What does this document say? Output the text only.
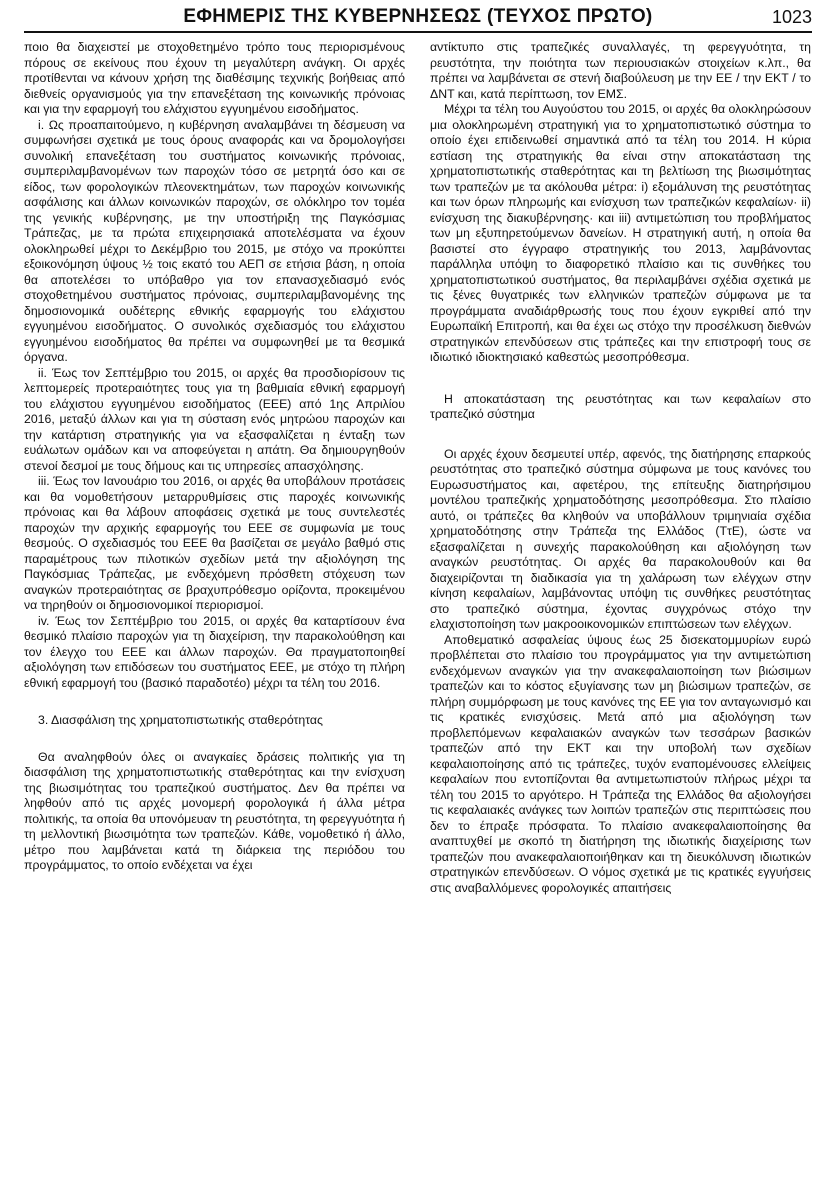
ΕΦΗΜΕΡΙΣ ΤΗΣ ΚΥΒΕΡΝΗΣΕΩΣ (ΤΕΥΧΟΣ ΠΡΩΤΟ)	1023

ποιο θα διαχειστεί με στοχοθετημένο τρόπο τους περιορισμένους πόρους σε εκείνους που έχουν τη μεγαλύτερη ανάγκη. Οι αρχές προτίθενται να κάνουν χρήση της διαθέσιμης τεχνικής βοήθειας από διεθνείς οργανισμούς για την επανεξέταση της κοινωνικής πρόνοιας και για την εφαρμογή του ελάχιστου εγγυημένου εισοδήματος.

i. Ως προαπαιτούμενο, η κυβέρνηση αναλαμβάνει τη δέσμευση να συμφωνήσει σχετικά με τους όρους αναφοράς και να δρομολογήσει συνολική επανεξέταση του συστήματος κοινωνικής πρόνοιας, συμπεριλαμβανομένων των παροχών τόσο σε μετρητά όσο και σε είδος, των φορολογικών πλεονεκτημάτων, των παροχών κοινωνικής ασφάλισης και άλλων κοινωνικών παροχών, σε ολόκληρο τον τομέα της γενικής κυβέρνησης, με την υποστήριξη της Παγκόσμιας Τράπεζας, με τα πρώτα επιχειρησιακά αποτελέσματα να έχουν ολοκληρωθεί μέχρι το Δεκέμβριο του 2015, με στόχο να προκύπτει εξοικονόμηση ύψους ½ τοις εκατό του ΑΕΠ σε ετήσια βάση, η οποία θα αποτελέσει το υπόβαθρο για τον επανασχεδιασμό ενός στοχοθετημένου συστήματος πρόνοιας, συμπεριλαμβανομένης της δημοσιονομικά ουδέτερης εθνικής εφαρμογής του ελάχιστου εγγυημένου εισοδήματος. Ο συνολικός σχεδιασμός του ελάχιστου εγγυημένου εισοδήματος θα πρέπει να συμφωνηθεί με τα θεσμικά όργανα.

ii. Έως τον Σεπτέμβριο του 2015, οι αρχές θα προσδιορίσουν τις λεπτομερείς προτεραιότητες τους για τη βαθμιαία εθνική εφαρμογή του ελάχιστου εγγυημένου εισοδήματος (ΕΕΕ) από 1ης Απριλίου 2016, μεταξύ άλλων και για τη σύσταση ενός μητρώου παροχών και την κατάρτιση στρατηγικής για να εξασφαλίζεται η ένταξη των ευάλωτων ομάδων και να αποφεύγεται η απάτη. Θα δημιουργηθούν στενοί δεσμοί με τους δήμους και τις υπηρεσίες απασχόλησης.

iii. Έως τον Ιανουάριο του 2016, οι αρχές θα υποβάλουν προτάσεις και θα νομοθετήσουν μεταρρυθμίσεις στις παροχές κοινωνικής πρόνοιας και θα λάβουν αποφάσεις σχετικά με τους συντελεστές παροχών την αρχικής εφαρμογής του ΕΕΕ σε συμφωνία με τους θεσμούς. Ο σχεδιασμός του ΕΕΕ θα βασίζεται σε μεγάλο βαθμό στις παραμέτρους των πιλοτικών σχεδίων μετά την αξιολόγηση της Παγκόσμιας Τράπεζας, με ενδεχόμενη πρόσθετη στόχευση των αναγκών προτεραιότητας σε βραχυπρόθεσμο ορίζοντα, προκειμένου να τηρηθούν οι δημοσιονομικοί περιορισμοί.

iv. Έως τον Σεπτέμβριο του 2015, οι αρχές θα καταρτίσουν ένα θεσμικό πλαίσιο παροχών για τη διαχείριση, την παρακολούθηση και τον έλεγχο του ΕΕΕ και άλλων παροχών. Θα πραγματοποιηθεί αξιολόγηση των επιδόσεων του συστήματος ΕΕΕ, με στόχο τη πλήρη εθνική εφαρμογή του (βασικό παραδοτέο) μέχρι τα τέλη του 2016.

3. Διασφάλιση της χρηματοπιστωτικής σταθερότητας

Θα αναληφθούν όλες οι αναγκαίες δράσεις πολιτικής για τη διασφάλιση της χρηματοπιστωτικής σταθερότητας και την ενίσχυση της βιωσιμότητας του τραπεζικού συστήματος. Δεν θα πρέπει να ληφθούν από τις αρχές μονομερή φορολογικά ή άλλα μέτρα πολιτικής, τα οποία θα υπονόμευαν τη ρευστότητα, τη φερεγγυότητα ή τη μελλοντική βιωσιμότητα των τραπεζών. Κάθε, νομοθετικό ή άλλο, μέτρο που λαμβάνεται κατά τη διάρκεια της περιόδου του προγράμματος, το οποίο ενδέχεται να έχει

αντίκτυπο στις τραπεζικές συναλλαγές, τη φερεγγυότητα, τη ρευστότητα, την ποιότητα των περιουσιακών στοιχείων κ.λπ., θα πρέπει να λαμβάνεται σε στενή διαβούλευση με την ΕΕ / την ΕΚΤ / το ΔΝΤ και, κατά περίπτωση, τον ΕΜΣ.

Μέχρι τα τέλη του Αυγούστου του 2015, οι αρχές θα ολοκληρώσουν μια ολοκληρωμένη στρατηγική για το χρηματοπιστωτικό σύστημα το οποίο έχει επιδεινωθεί σημαντικά από τα τέλη του 2014. Η κύρια εστίαση της στρατηγικής θα είναι στην αποκατάσταση της χρηματοπιστωτικής σταθερότητας και τη βελτίωση της βιωσιμότητας των τραπεζών με τα ακόλουθα μέτρα: i) εξομάλυνση της ρευστότητας και των όρων πληρωμής και ενίσχυση των τραπεζικών κεφαλαίων· ii) ενίσχυση της διακυβέρνησης· και iii) αντιμετώπιση του προβλήματος των μη εξυπηρετούμενων δανείων. Η στρατηγική αυτή, η οποία θα βασιστεί στο έγγραφο στρατηγικής του 2013, λαμβάνοντας παράλληλα υπόψη το διαφορετικό πλαίσιο και τις συνθήκες του χρηματοπιστωτικού συστήματος, θα περιλαμβάνει σχέδια σχετικά με τις ξένες θυγατρικές των ελληνικών τραπεζών σύμφωνα με τα προγράμματα αναδιάρθρωσής τους που έχουν εγκριθεί από την Ευρωπαϊκή Επιτροπή, και θα έχει ως στόχο την προσέλκυση διεθνών στρατηγικών επενδύσεων στις τράπεζες και την επιστροφή τους σε ιδιωτικό ιδιοκτησιακό καθεστώς μεσοπρόθεσμα.

Η αποκατάσταση της ρευστότητας και των κεφαλαίων στο τραπεζικό σύστημα

Οι αρχές έχουν δεσμευτεί υπέρ, αφενός, της διατήρησης επαρκούς ρευστότητας στο τραπεζικό σύστημα σύμφωνα με τους κανόνες του Ευρωσυστήματος και, αφετέρου, της επίτευξης διατηρήσιμου μοντέλου τραπεζικής χρηματοδότησης μεσοπρόθεσμα. Στο πλαίσιο αυτό, οι τράπεζες θα κληθούν να υποβάλλουν τριμηνιαία σχέδια χρηματοδότησης στην Τράπεζα της Ελλάδος (ΤτΕ), ώστε να εξασφαλίζεται η συνεχής παρακολούθηση και αξιολόγηση των αναγκών ρευστότητας. Οι αρχές θα παρακολουθούν και θα διαχειρίζονται τη διαδικασία για τη χαλάρωση των ελέγχων στην κίνηση κεφαλαίων, λαμβάνοντας υπόψη τις συνθήκες ρευστότητας στο τραπεζικό σύστημα, έχοντας συγχρόνως στόχο την ελαχιστοποίηση των μακροοικονομικών επιπτώσεων των ελέγχων.

Αποθεματικό ασφαλείας ύψους έως 25 δισεκατομμυρίων ευρώ προβλέπεται στο πλαίσιο του προγράμματος για την αντιμετώπιση ενδεχόμενων αναγκών για την ανακεφαλαιοποίηση των βιώσιμων τραπεζών και το κόστος εξυγίανσης των μη βιώσιμων τραπεζών, σε πλήρη συμμόρφωση με τους κανόνες της ΕΕ για τον ανταγωνισμό και τις κρατικές ενισχύσεις. Μετά από μια αξιολόγηση των προβλεπόμενων κεφαλαιακών αναγκών των τεσσάρων βασικών τραπεζών από την ΕΚΤ και την υποβολή των σχεδίων κεφαλαιοποίησης από τις τράπεζες, τυχόν εναπομένουσες ελλείψεις κεφαλαίων που εντοπίζονται θα αντιμετωπιστούν πλήρως μέχρι τα τέλη του 2015 το αργότερο. Η Τράπεζα της Ελλάδος θα αξιολογήσει τις κεφαλαιακές ανάγκες των λοιπών τραπεζών στις περιπτώσεις που δεν το έπραξε πρόσφατα. Το πλαίσιο ανακεφαλαιοποίησης θα αναπτυχθεί με σκοπό τη διατήρηση της ιδιωτικής διαχείρισης των τραπεζών που ανακεφαλαιοποιήθηκαν και τη διευκόλυνση ιδιωτικών στρατηγικών επενδύσεων. Ο νόμος σχετικά με τις κρατικές εγγυήσεις στις αναβαλλόμενες φορολογικές απαιτήσεις
